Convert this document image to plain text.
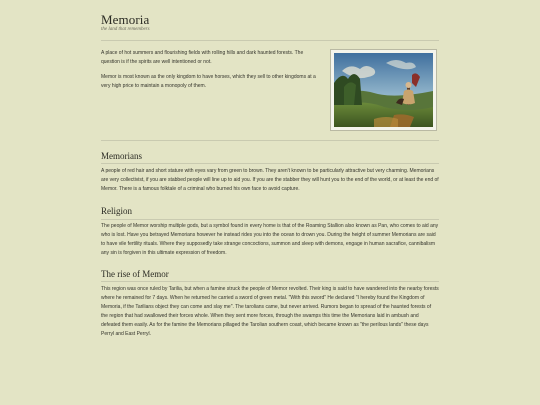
Memoria
the land that remembers

A place of hot summers and flourishing fields with rolling hills and dark haunted forests. The question is if the spirits are well intentioned or not.

Memor is most known as the only kingdom to have horses, which they sell to other kingdoms at a very high price to maintain a monopoly of them.

Memorians

A people of red hair and short stature with eyes vary from green to brown. They aren't known to be particularly attractive but very charming. Memorians are very collectivist, if you are stabbed people will line up to aid you. If you are the stabber they will hunt you to the end of the world, or at least the end of Memor. There is a famous folktale of a criminal who burned his own face to avoid capture.

Religion

The people of Memor worship multiple gods, but a symbol found in every home is that of the Roaming Stallion also known as Pan, who comes to aid any who is lost. Have you betrayed Memorians however he instead rides you into the ocean to drown you. During the height of summer Memorians are said to have vile fertility rituals. Where they supposedly take strange concoctions, summon and sleep with demons, engage in human sacrafice, cannibalism any sin is forgiven in this ultimate expression of freedom.

The rise of Memor

This region was once ruled by Tarilia, but when a famine struck the people of Memor revolted. Their king is said to have wandered into the nearby forests where he remained for 7 days. When he returned he carried a sword of green metal. "With this sword" He declared "I hereby found the Kingdom of Memoria, if the Tarilians object they can come and slay me". The tarolians came, but never arrived. Rumors began to spread of the haunted forests of the region that had swallowed their forces whole. When they sent more forces, through the swamps this time the Memorians laid in ambush and defeated them easily. As for the famine the Memorians pillaged the Tarolian southern coast, which became known as "the perilous lands" these days Perryl and East Perryl.
